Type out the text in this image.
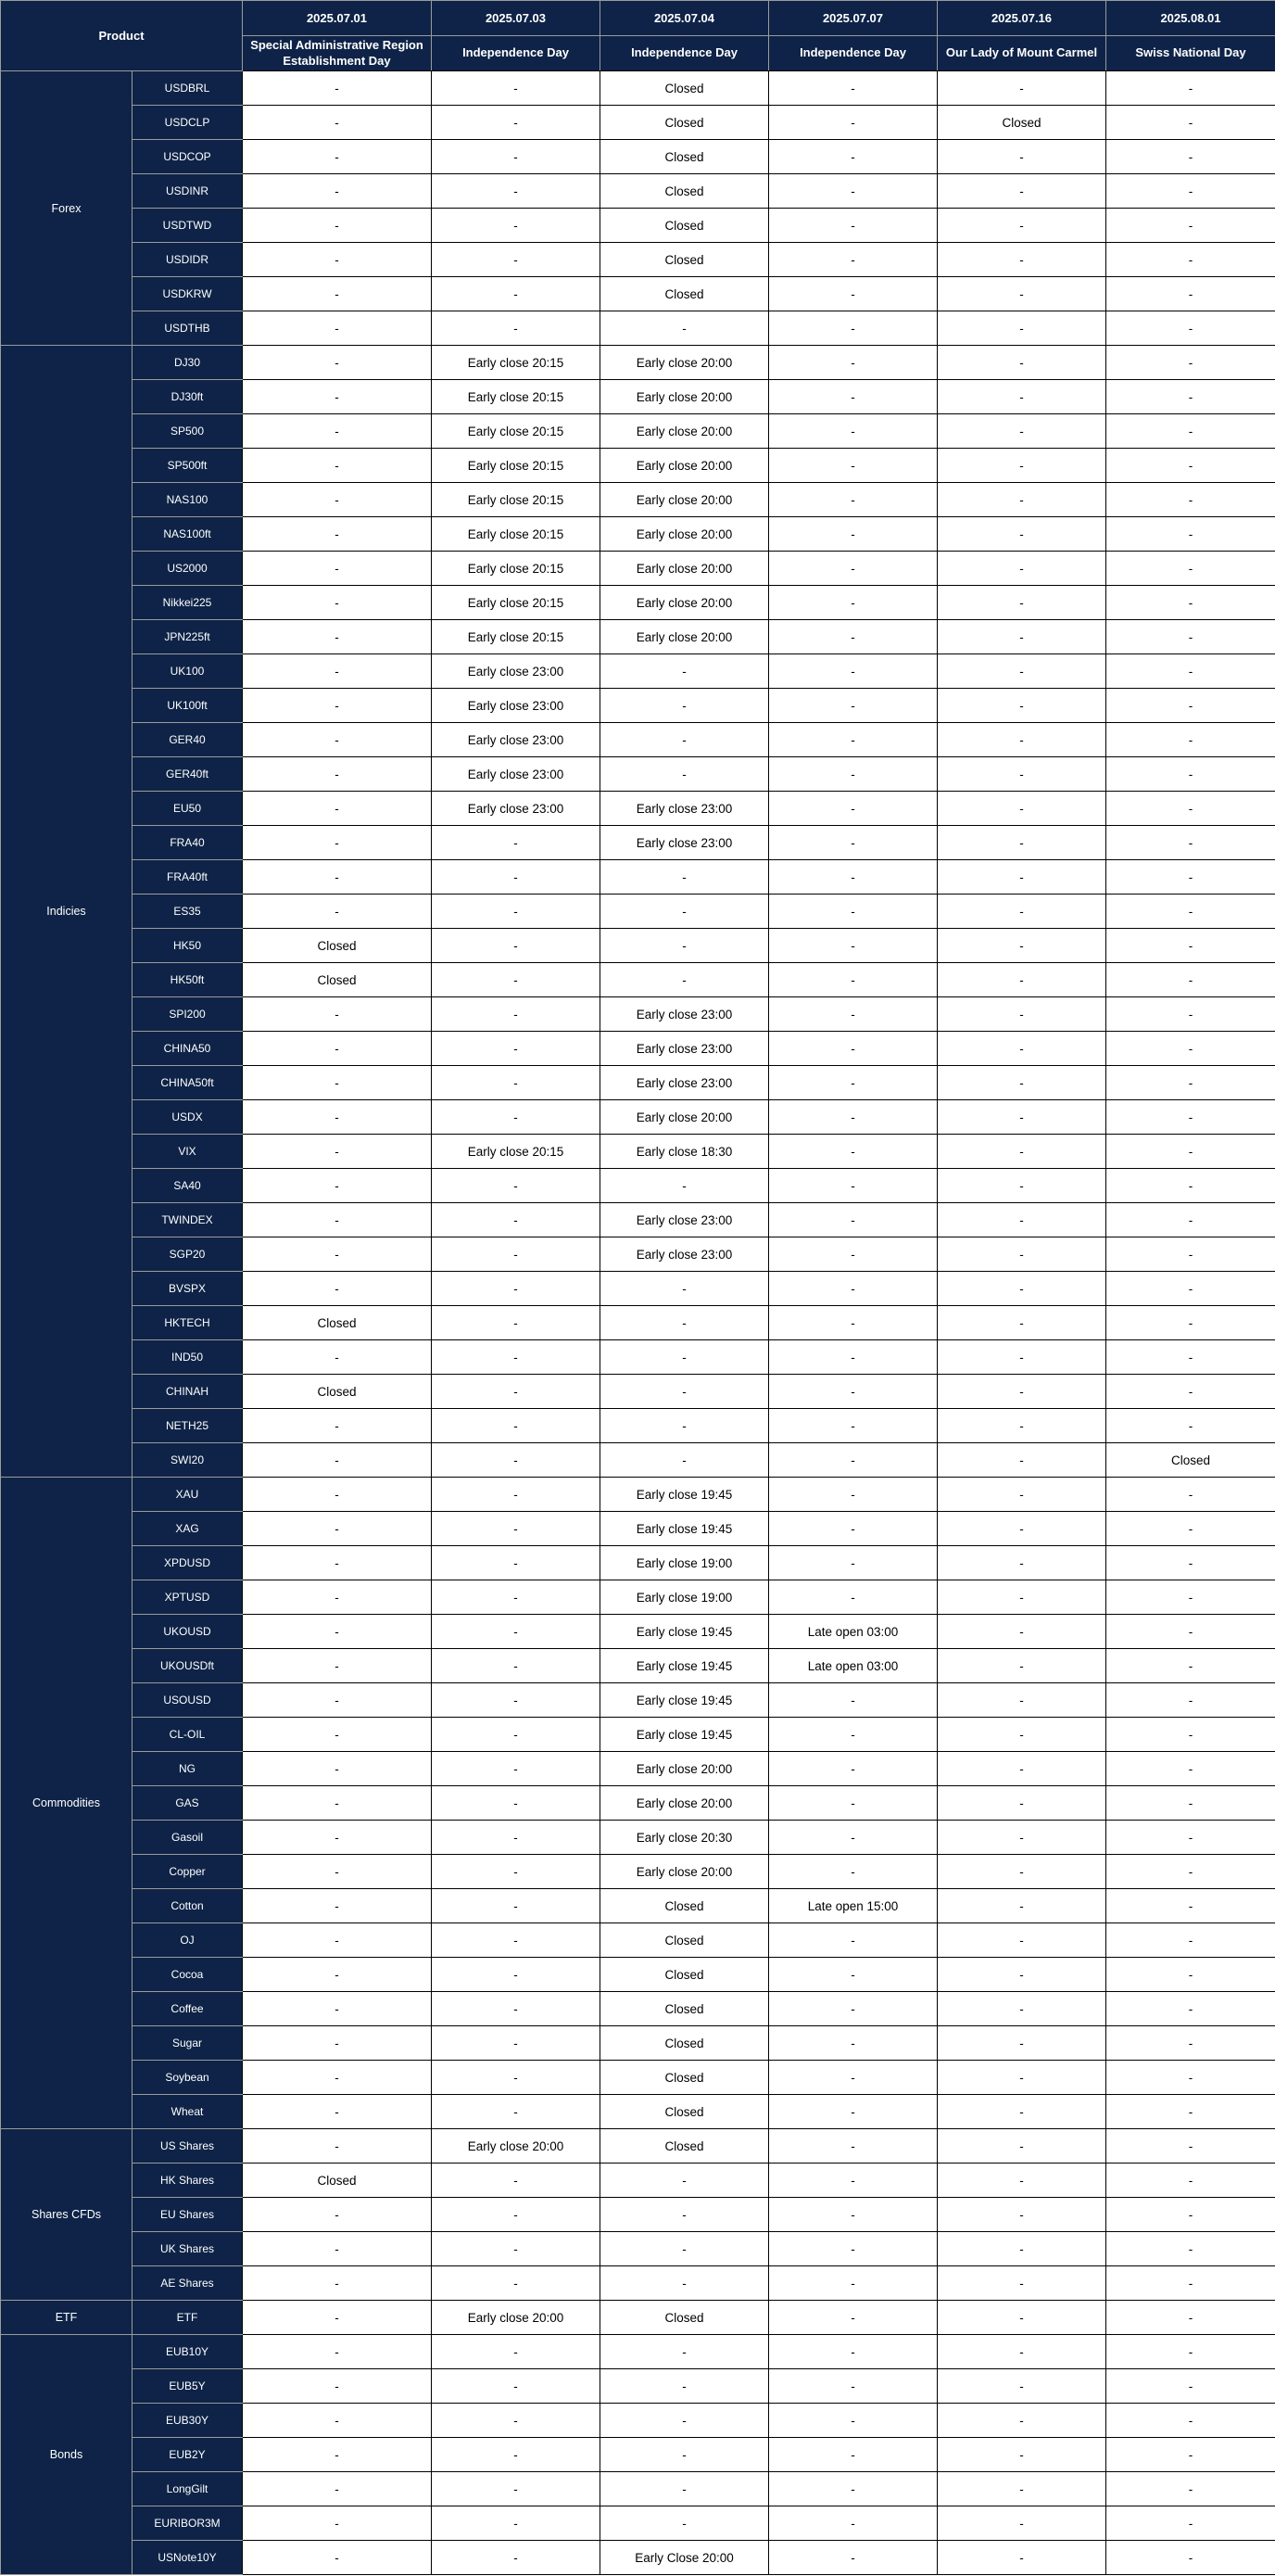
Product		2025.07.01	2025.07.03	2025.07.04	2025.07.07	2025.07.16	2025.08.01
		Special Administrative Region Establishment Day	Independence Day	Independence Day	Independence Day	Our Lady of Mount Carmel	Swiss National Day
Forex	USDBRL	-	-	Closed	-	-	-
	USDCLP	-	-	Closed	-	Closed	-
	USDCOP	-	-	Closed	-	-	-
	USDINR	-	-	Closed	-	-	-
	USDTWD	-	-	Closed	-	-	-
	USDIDR	-	-	Closed	-	-	-
	USDKRW	-	-	Closed	-	-	-
	USDTHB	-	-	-	-	-	-
Indicies	DJ30	-	Early close 20:15	Early close 20:00	-	-	-
	DJ30ft	-	Early close 20:15	Early close 20:00	-	-	-
	SP500	-	Early close 20:15	Early close 20:00	-	-	-
	SP500ft	-	Early close 20:15	Early close 20:00	-	-	-
	NAS100	-	Early close 20:15	Early close 20:00	-	-	-
	NAS100ft	-	Early close 20:15	Early close 20:00	-	-	-
	US2000	-	Early close 20:15	Early close 20:00	-	-	-
	Nikkei225	-	Early close 20:15	Early close 20:00	-	-	-
	JPN225ft	-	Early close 20:15	Early close 20:00	-	-	-
	UK100	-	Early close 23:00	-	-	-	-
	UK100ft	-	Early close 23:00	-	-	-	-
	GER40	-	Early close 23:00	-	-	-	-
	GER40ft	-	Early close 23:00	-	-	-	-
	EU50	-	Early close 23:00	Early close 23:00	-	-	-
	FRA40	-	-	Early close 23:00	-	-	-
	FRA40ft	-	-	-	-	-	-
	ES35	-	-	-	-	-	-
	HK50	Closed	-	-	-	-	-
	HK50ft	Closed	-	-	-	-	-
	SPI200	-	-	Early close 23:00	-	-	-
	CHINA50	-	-	Early close 23:00	-	-	-
	CHINA50ft	-	-	Early close 23:00	-	-	-
	USDX	-	-	Early close 20:00	-	-	-
	VIX	-	Early close 20:15	Early close 18:30	-	-	-
	SA40	-	-	-	-	-	-
	TWINDEX	-	-	Early close 23:00	-	-	-
	SGP20	-	-	Early close 23:00	-	-	-
	BVSPX	-	-	-	-	-	-
	HKTECH	Closed	-	-	-	-	-
	IND50	-	-	-	-	-	-
	CHINAH	Closed	-	-	-	-	-
	NETH25	-	-	-	-	-	-
	SWI20	-	-	-	-	-	Closed
Commodities	XAU	-	-	Early close 19:45	-	-	-
	XAG	-	-	Early close 19:45	-	-	-
	XPDUSD	-	-	Early close 19:00	-	-	-
	XPTUSD	-	-	Early close 19:00	-	-	-
	UKOUSD	-	-	Early close 19:45	Late open 03:00	-	-
	UKOUSDft	-	-	Early close 19:45	Late open 03:00	-	-
	USOUSD	-	-	Early close 19:45	-	-	-
	CL-OIL	-	-	Early close 19:45	-	-	-
	NG	-	-	Early close 20:00	-	-	-
	GAS	-	-	Early close 20:00	-	-	-
	Gasoil	-	-	Early close 20:30	-	-	-
	Copper	-	-	Early close 20:00	-	-	-
	Cotton	-	-	Closed	Late open 15:00	-	-
	OJ	-	-	Closed	-	-	-
	Cocoa	-	-	Closed	-	-	-
	Coffee	-	-	Closed	-	-	-
	Sugar	-	-	Closed	-	-	-
	Soybean	-	-	Closed	-	-	-
	Wheat	-	-	Closed	-	-	-
Shares CFDs	US Shares	-	Early close 20:00	Closed	-	-	-
	HK Shares	Closed	-	-	-	-	-
	EU Shares	-	-	-	-	-	-
	UK Shares	-	-	-	-	-	-
	AE Shares	-	-	-	-	-	-
ETF	ETF	-	Early close 20:00	Closed	-	-	-
Bonds	EUB10Y	-	-	-	-	-	-
	EUB5Y	-	-	-	-	-	-
	EUB30Y	-	-	-	-	-	-
	EUB2Y	-	-	-	-	-	-
	LongGilt	-	-	-	-	-	-
	EURIBOR3M	-	-	-	-	-	-
	USNote10Y	-	-	Early Close 20:00	-	-	-
